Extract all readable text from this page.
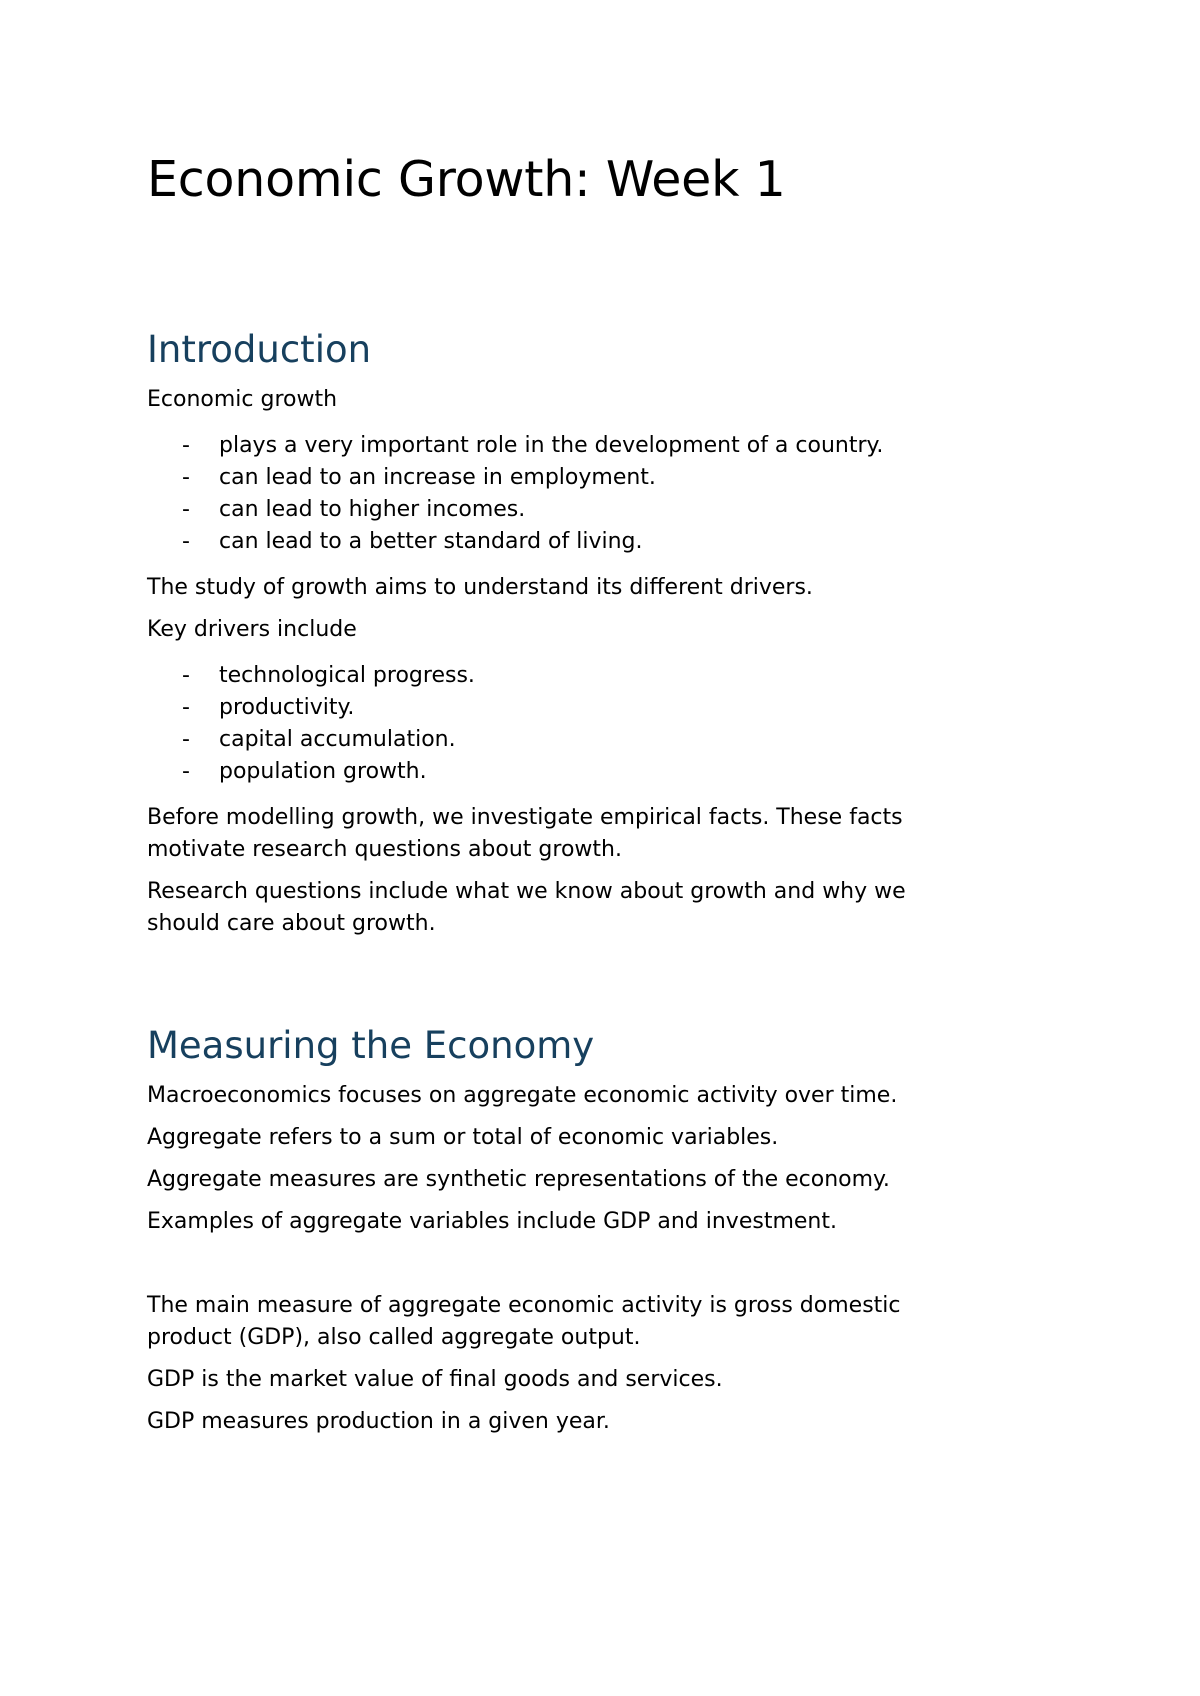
Economic Growth: Week 1
Introduction

Economic growth

- plays a very important role in the development of a country.
- can lead to an increase in employment.
- can lead to higher incomes.
- can lead to a better standard of living.

The study of growth aims to understand its different drivers.

Key drivers include

- technological progress.
- productivity.
- capital accumulation.
- population growth.

Before modelling growth, we investigate empirical facts. These facts
motivate research questions about growth.

Research questions include what we know about growth and why we
should care about growth.

Measuring the Economy

Macroeconomics focuses on aggregate economic activity over time.

Aggregate refers to a sum or total of economic variables.

Aggregate measures are synthetic representations of the economy.

Examples of aggregate variables include GDP and investment.

The main measure of aggregate economic activity is gross domestic
product (GDP), also called aggregate output.

GDP is the market value of final goods and services.

GDP measures production in a given year.
